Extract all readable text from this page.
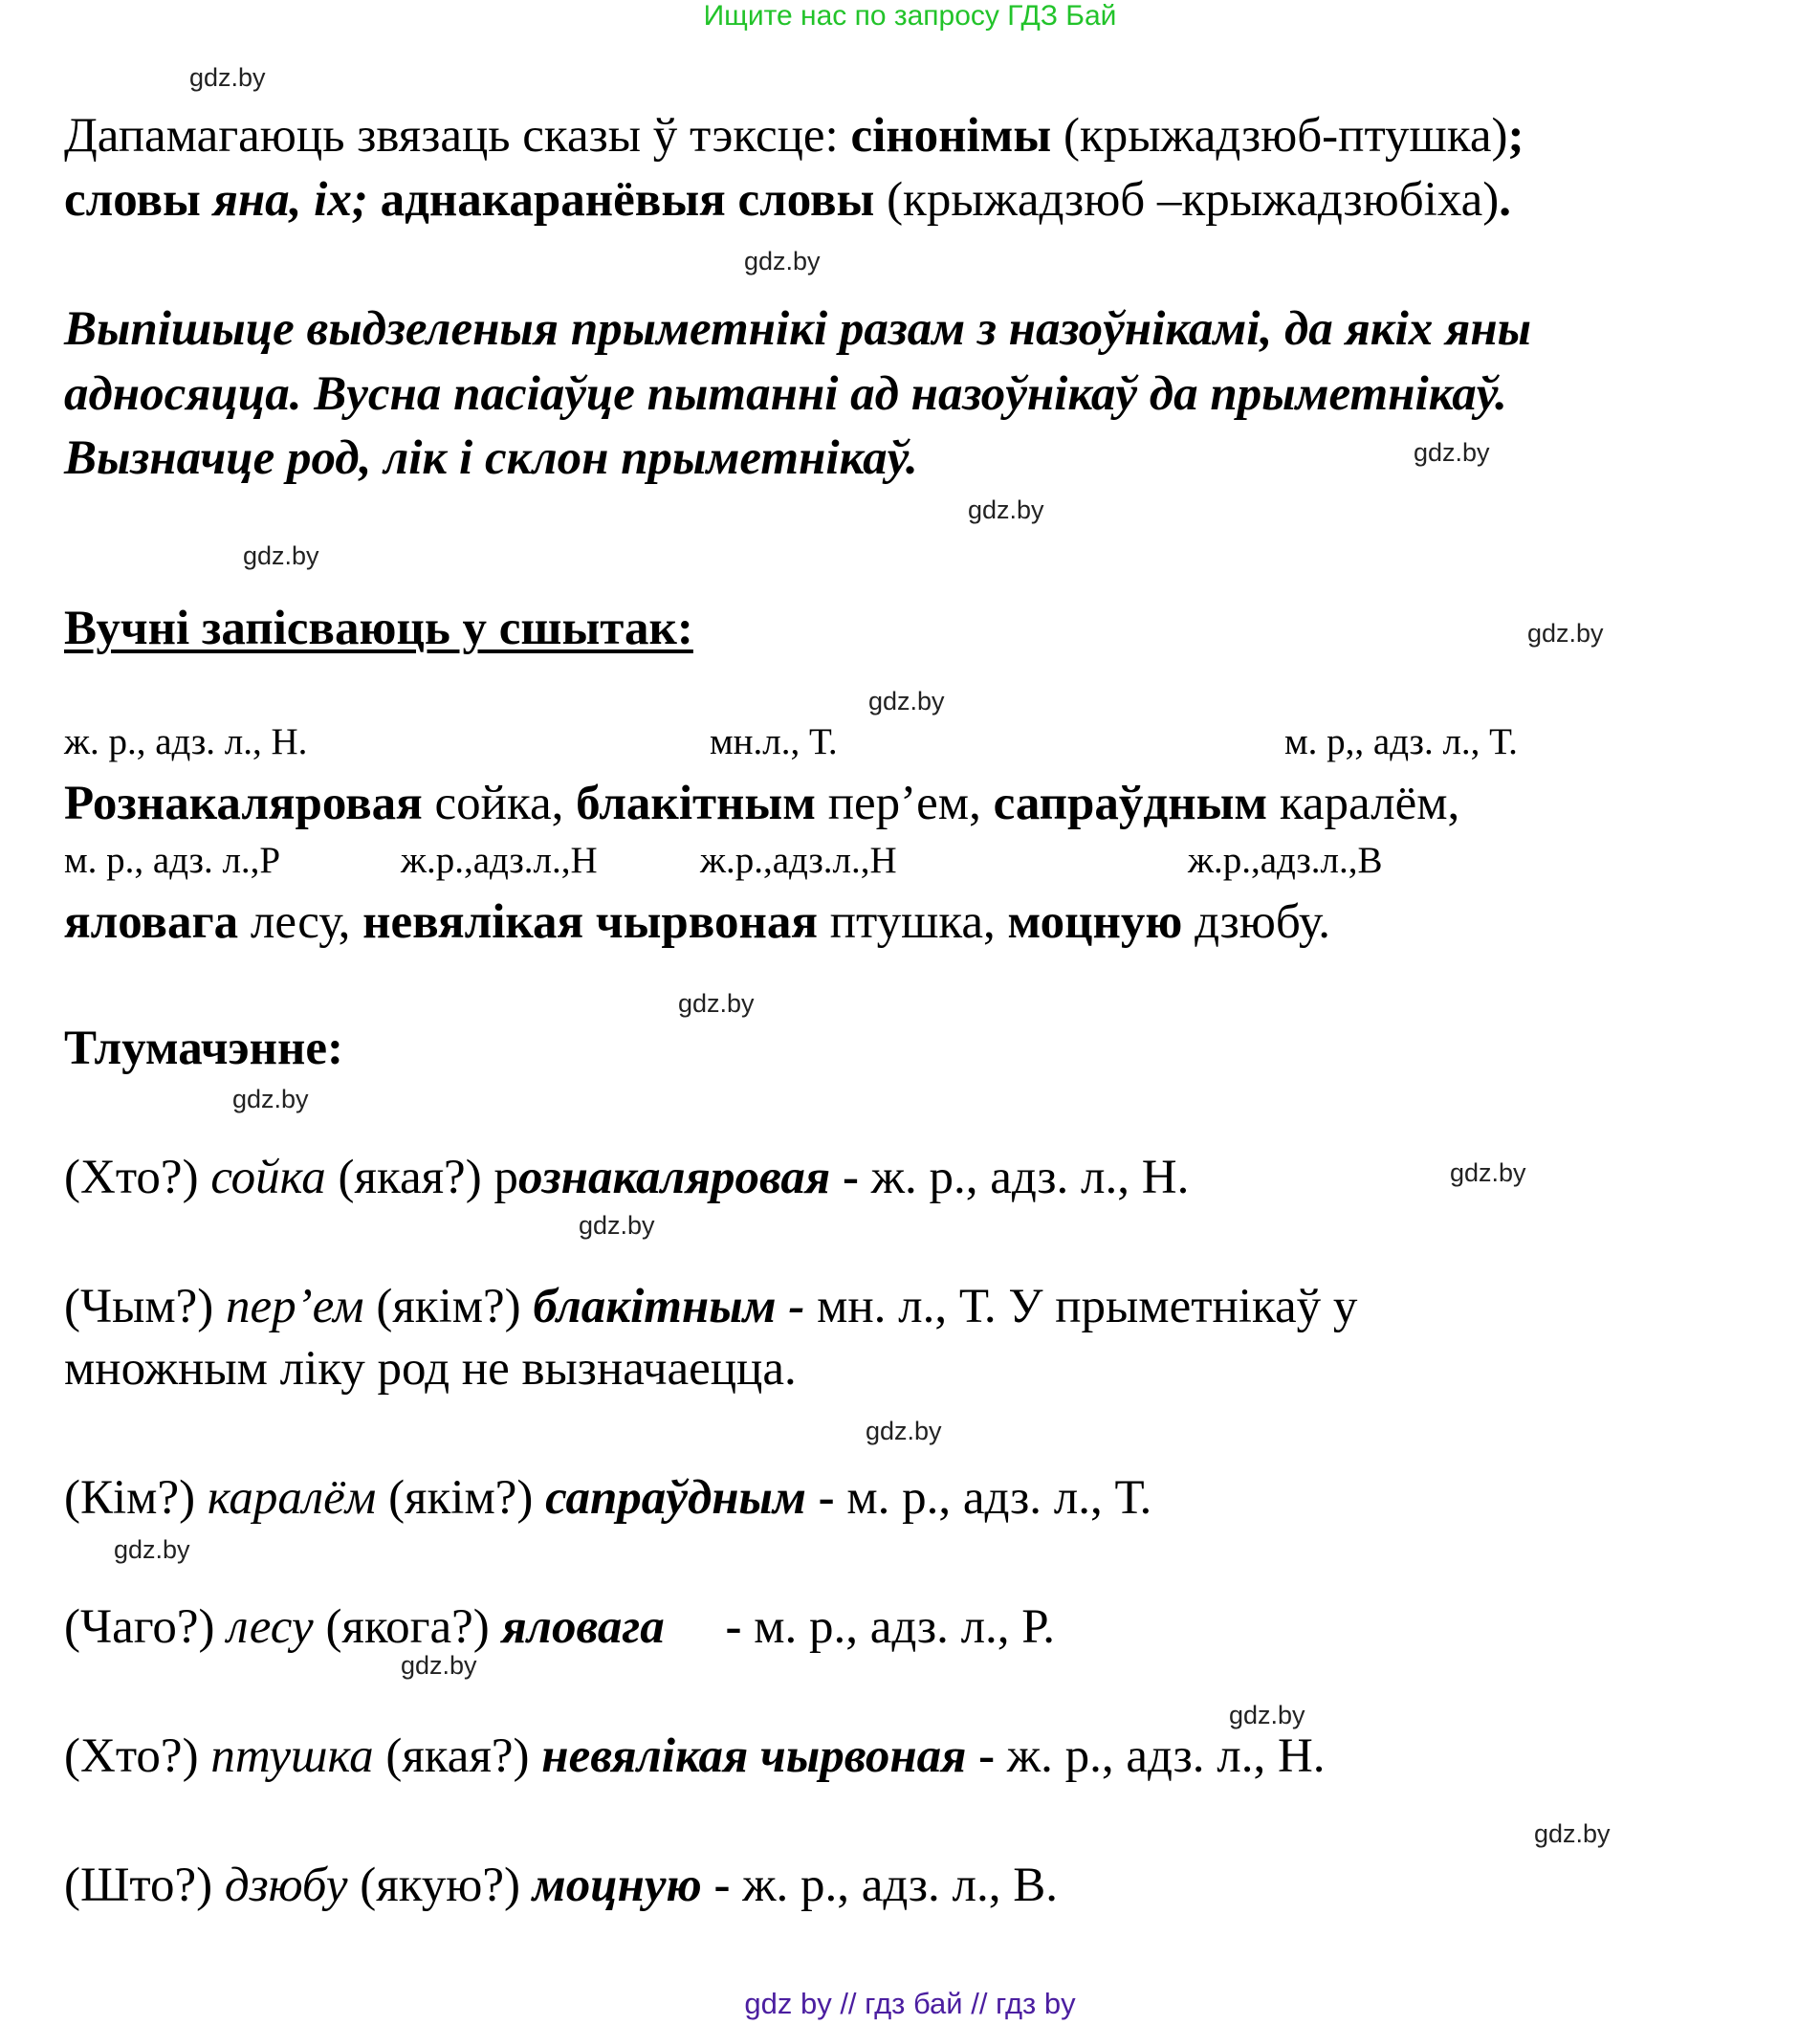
Ищите нас по запросу ГДЗ Бай
Дапамагаюць звязаць сказы ў тэксце: сінонімы (крыжадзюб-птушка);
словы яна, іх; аднакаранёвыя словы (крыжадзюб –крыжадзюбіха).
Выпішыце выдзеленыя прыметнікі разам з назоўнікамі, да якіх яны
адносяцца. Вусна пасіаўце пытанні ад назоўнікаў да прыметнікаў.
Вызначце род, лік і склон прыметнікаў.
Вучні запісваюць у сшытак:
Рознакаляровая сойка, блакітным пер’ем, сапраўдным каралём,
яловага лесу, невялікая чырвоная птушка, моцную дзюбу.
Тлумачэнне:
(Хто?) сойка (якая?) рознакаляровая - ж. р., адз. л., Н.
(Чым?) пер’ем (якім?) блакітным - мн. л., Т. У прыметнікаў у
множным ліку род не вызначаецца.
(Кім?) каралём (якім?) сапраўдным - м. р., адз. л., Т.
(Чаго?) лесу (якога?) яловага     - м. р., адз. л., Р.
(Хто?) птушка (якая?) невялікая чырвоная - ж. р., адз. л., Н.
(Што?) дзюбу (якую?) моцную - ж. р., адз. л., В.
ж. р., адз. л., Н.	мн.л., Т.	м. р,, адз. л., Т.
м. р., адз. л.,Р	ж.р.,адз.л.,Н	ж.р.,адз.л.,Н	ж.р.,адз.л.,В
gdz.by
gdz.by
gdz.by
gdz.by
gdz.by
gdz.by
gdz.by
gdz.by
gdz.by
gdz.by
gdz.by
gdz.by
gdz.by
gdz.by
gdz.by
gdz.by
gdz by // гдз бай // гдз by
